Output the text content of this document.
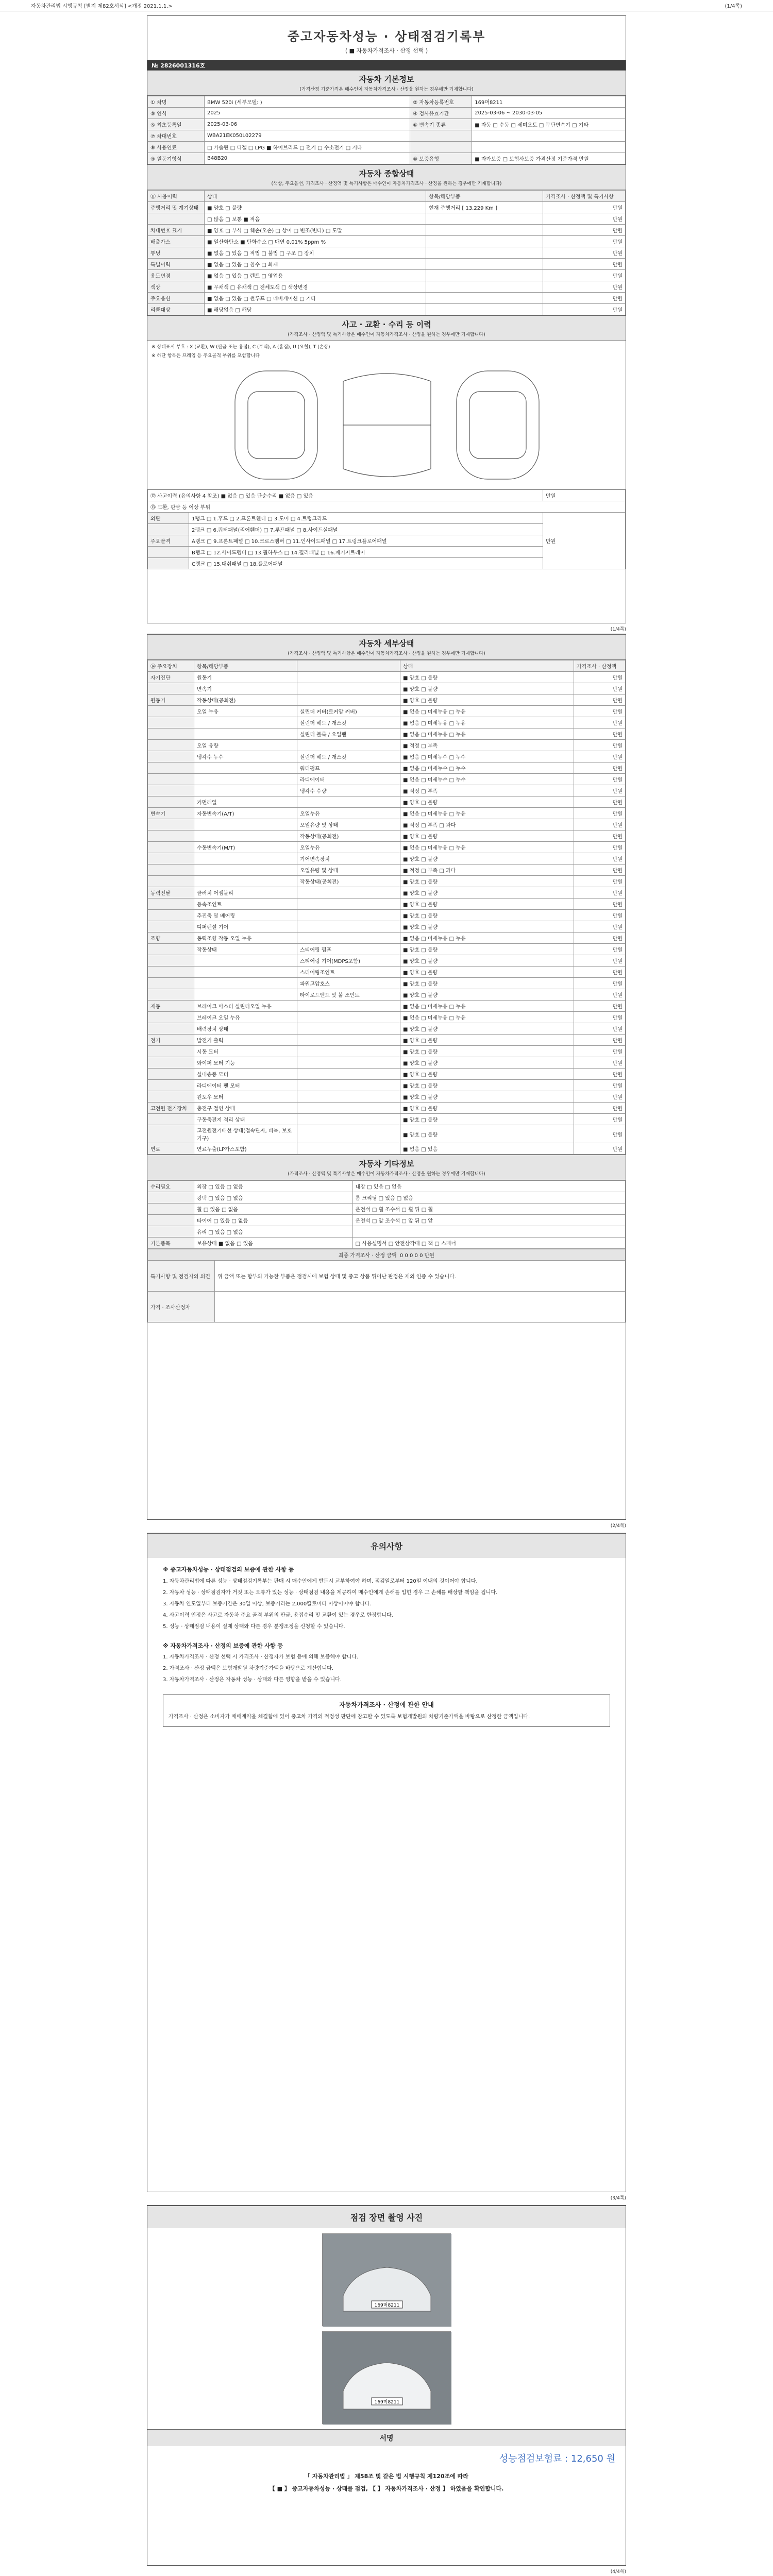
자동차관리법 시행규칙 [별지 제82호서식] <개정 2021.1.1.>	(1/4쪽)
중고자동차성능 · 상태점검기록부
( ■ 자동차가격조사 · 산정 선택 )
№ 2826001316호
자동차 기본정보
(가격산정 기준가격은 매수인이 자동차가격조사 · 산정을 원하는 경우에만 기재합니다)
① 차명	BMW 520i (세부모델: )	② 자동차등록번호	169머8211
③ 연식	2025	④ 검사유효기간	2025-03-06 ~ 2030-03-05
⑤ 최초등록일	2025-03-06	⑥ 변속기 종류	■ 자동 □ 수동 □ 세미오토 □ 무단변속기 □ 기타
⑦ 차대번호	WBA21EK050L02279		
⑧ 사용연료	□ 가솔린 □ 디젤 □ LPG ■ 하이브리드 □ 전기 □ 수소전기 □ 기타		
⑨ 원동기형식	B48B20	⑩ 보증유형	■ 자가보증 □ 보험사보증 가격산정 기준가격 만원
자동차 종합상태
(색상, 주요옵션, 가격조사 · 산정액 및 특기사항은 매수인이 자동차가격조사 · 산정을 원하는 경우에만 기재합니다)
⑪ 사용이력	상태	항목/해당부품	가격조사 · 산정액 및 특기사항
주행거리 및 계기상태	■ 양호 □ 불량	현재 주행거리 [ 13,229 Km ]	만원
	□ 많음 □ 보통 ■ 적음		만원
차대번호 표기	■ 양호 □ 부식 □ 훼손(오손) □ 상이 □ 변조(변타) □ 도말		만원
배출가스	■ 일산화탄소 ■ 탄화수소 □ 매연 0.01% 5ppm %		만원
튜닝	■ 없음 □ 있음 □ 적법 □ 불법 □ 구조 □ 장치		만원
특별이력	■ 없음 □ 있음 □ 침수 □ 화재		만원
용도변경	■ 없음 □ 있음 □ 렌트 □ 영업용		만원
색상	■ 무채색 □ 유채색 □ 전체도색 □ 색상변경		만원
주요옵션	■ 없음 □ 있음 □ 썬루프 □ 네비게이션 □ 기타		만원
리콜대상	■ 해당없음 □ 해당		만원
사고 · 교환 · 수리 등 이력
(가격조사 · 산정액 및 특기사항은 매수인이 자동차가격조사 · 산정을 원하는 경우에만 기재합니다)
※ 상태표시 부호 : X (교환), W (판금 또는 용접), C (부식), A (흠집), U (요철), T (손상)
※ 하단 항목은 프레임 등 주요골격 부위를 포함합니다
⑫ 사고이력 (유의사항 4 참조) ■ 없음 □ 있음 단순수리 ■ 없음 □ 있음		만원
⑬ 교환, 판금 등 이상 부위		
외판	1랭크 □ 1.후드 □ 2.프론트휀더 □ 3.도어 □ 4.트렁크리드	만원
	2랭크 □ 6.쿼터패널(리어휀더) □ 7.루프패널 □ 8.사이드실패널	
주요골격	A랭크 □ 9.프론트패널 □ 10.크로스멤버 □ 11.인사이드패널 □ 17.트렁크플로어패널	
	B랭크 □ 12.사이드멤버 □ 13.휠하우스 □ 14.필러패널 □ 16.패키지트레이	
	C랭크 □ 15.대쉬패널 □ 18.플로어패널	
(1/4쪽)
자동차 세부상태
(가격조사 · 산정액 및 특기사항은 매수인이 자동차가격조사 · 산정을 원하는 경우에만 기재합니다)
⑭ 주요장치	항목/해당부품		상태	가격조사 · 산정액
자기진단	원동기		■ 양호 □ 불량	만원
	변속기		■ 양호 □ 불량	만원
원동기	작동상태(공회전)		■ 양호 □ 불량	만원
	오일 누유	실린더 커버(로커암 커버)	■ 없음 □ 미세누유 □ 누유	만원
		실린더 헤드 / 개스킷	■ 없음 □ 미세누유 □ 누유	만원
		실린더 블록 / 오일팬	■ 없음 □ 미세누유 □ 누유	만원
	오일 유량		■ 적정 □ 부족	만원
	냉각수 누수	실린더 헤드 / 개스킷	■ 없음 □ 미세누수 □ 누수	만원
		워터펌프	■ 없음 □ 미세누수 □ 누수	만원
		라디에이터	■ 없음 □ 미세누수 □ 누수	만원
		냉각수 수량	■ 적정 □ 부족	만원
	커먼레일		■ 양호 □ 불량	만원
변속기	자동변속기(A/T)	오일누유	■ 없음 □ 미세누유 □ 누유	만원
		오일유량 및 상태	■ 적정 □ 부족 □ 과다	만원
		작동상태(공회전)	■ 양호 □ 불량	만원
	수동변속기(M/T)	오일누유	■ 없음 □ 미세누유 □ 누유	만원
		기어변속장치	■ 양호 □ 불량	만원
		오일유량 및 상태	■ 적정 □ 부족 □ 과다	만원
		작동상태(공회전)	■ 양호 □ 불량	만원
동력전달	클러치 어셈블리		■ 양호 □ 불량	만원
	등속조인트		■ 양호 □ 불량	만원
	추진축 및 베어링		■ 양호 □ 불량	만원
	디퍼렌셜 기어		■ 양호 □ 불량	만원
조향	동력조향 작동 오일 누유		■ 없음 □ 미세누유 □ 누유	만원
	작동상태	스티어링 펌프	■ 양호 □ 불량	만원
		스티어링 기어(MDPS포함)	■ 양호 □ 불량	만원
		스티어링조인트	■ 양호 □ 불량	만원
		파워고압호스	■ 양호 □ 불량	만원
		타이로드엔드 및 볼 조인트	■ 양호 □ 불량	만원
제동	브레이크 마스터 실린더오일 누유		■ 없음 □ 미세누유 □ 누유	만원
	브레이크 오일 누유		■ 없음 □ 미세누유 □ 누유	만원
	배력장치 상태		■ 양호 □ 불량	만원
전기	발전기 출력		■ 양호 □ 불량	만원
	시동 모터		■ 양호 □ 불량	만원
	와이퍼 모터 기능		■ 양호 □ 불량	만원
	실내송풍 모터		■ 양호 □ 불량	만원
	라디에이터 팬 모터		■ 양호 □ 불량	만원
	윈도우 모터		■ 양호 □ 불량	만원
고전원 전기장치	충전구 절연 상태		■ 양호 □ 불량	만원
	구동축전지 격리 상태		■ 양호 □ 불량	만원
	고전원전기배선 상태(접속단자, 피복, 보호기구)		■ 양호 □ 불량	만원
연료	연료누출(LP가스포함)		■ 없음 □ 있음	만원
자동차 기타정보
(가격조사 · 산정액 및 특기사항은 매수인이 자동차가격조사 · 산정을 원하는 경우에만 기재합니다)
수리필요	외장 □ 있음 □ 없음	내장 □ 있음 □ 없음
	광택 □ 있음 □ 없음	룸 크리닝 □ 있음 □ 없음
	휠 □ 있음 □ 없음	운전석 □ 휠 조수석 □ 휠 뒤 □ 휠
	타이어 □ 있음 □ 없음	운전석 □ 앞 조수석 □ 앞 뒤 □ 앞
	유리 □ 있음 □ 없음	
기본품목	보유상태 ■ 없음 □ 있음	□ 사용설명서 □ 안전삼각대 □ 잭 □ 스패너
최종 가격조사 · 산정 금액 0 0 0 0 0 만원	
특기사항 및 점검자의 의견	위 금액 또는 합부의 가능한 부품은 점검시에 보험 상태 및 중고 상품 뛰어난 판정은 제외 인증 수 있습니다.
가격 · 조사산정자	
(2/4쪽)
유의사항

※ 중고자동차성능 · 상태점검의 보증에 관한 사항 등

1. 자동차관리법에 따른 성능 · 상태점검기록부는 판매 시 매수인에게 반드시 교부하여야 하며, 점검일로부터 120일 이내의 것이어야 합니다.

2. 자동차 성능 · 상태점검자가 거짓 또는 오류가 있는 성능 · 상태점검 내용을 제공하여 매수인에게 손해를 입힌 경우 그 손해를 배상할 책임을 집니다.

3. 자동차 인도일부터 보증기간은 30일 이상, 보증거리는 2,000킬로미터 이상이어야 합니다.

4. 사고이력 인정은 사고로 자동차 주요 골격 부위의 판금, 용접수리 및 교환이 있는 경우로 한정합니다.

5. 성능 · 상태점검 내용이 실제 상태와 다른 경우 분쟁조정을 신청할 수 있습니다.

※ 자동차가격조사 · 산정의 보증에 관한 사항 등

1. 자동차가격조사 · 산정 선택 시 가격조사 · 산정자가 보험 등에 의해 보증해야 합니다.

2. 가격조사 · 산정 금액은 보험개발원 차량기준가액을 바탕으로 계산합니다.

3. 자동차가격조사 · 산정은 자동차 성능 · 상태와 다른 영향을 받을 수 있습니다.

자동차가격조사 · 산정에 관한 안내
가격조사 · 산정은 소비자가 매매계약을 체결함에 있어 중고차 가격의 적정성 판단에 참고할 수 있도록 보험개발원의 차량기준가액을 바탕으로 산정한 금액입니다.
(3/4쪽)
점검 장면 촬영 사진
169머8211
169머8211
서명
성능점검보험료 : 12,650 원
「 자동차관리법 」 제58조 및 같은 법 시행규칙 제120조에 따라
【 ■ 】 중고자동차성능 · 상태를 점검, 【 】 자동차가격조사 · 산정 】 하였음을 확인합니다.
(4/4쪽)
